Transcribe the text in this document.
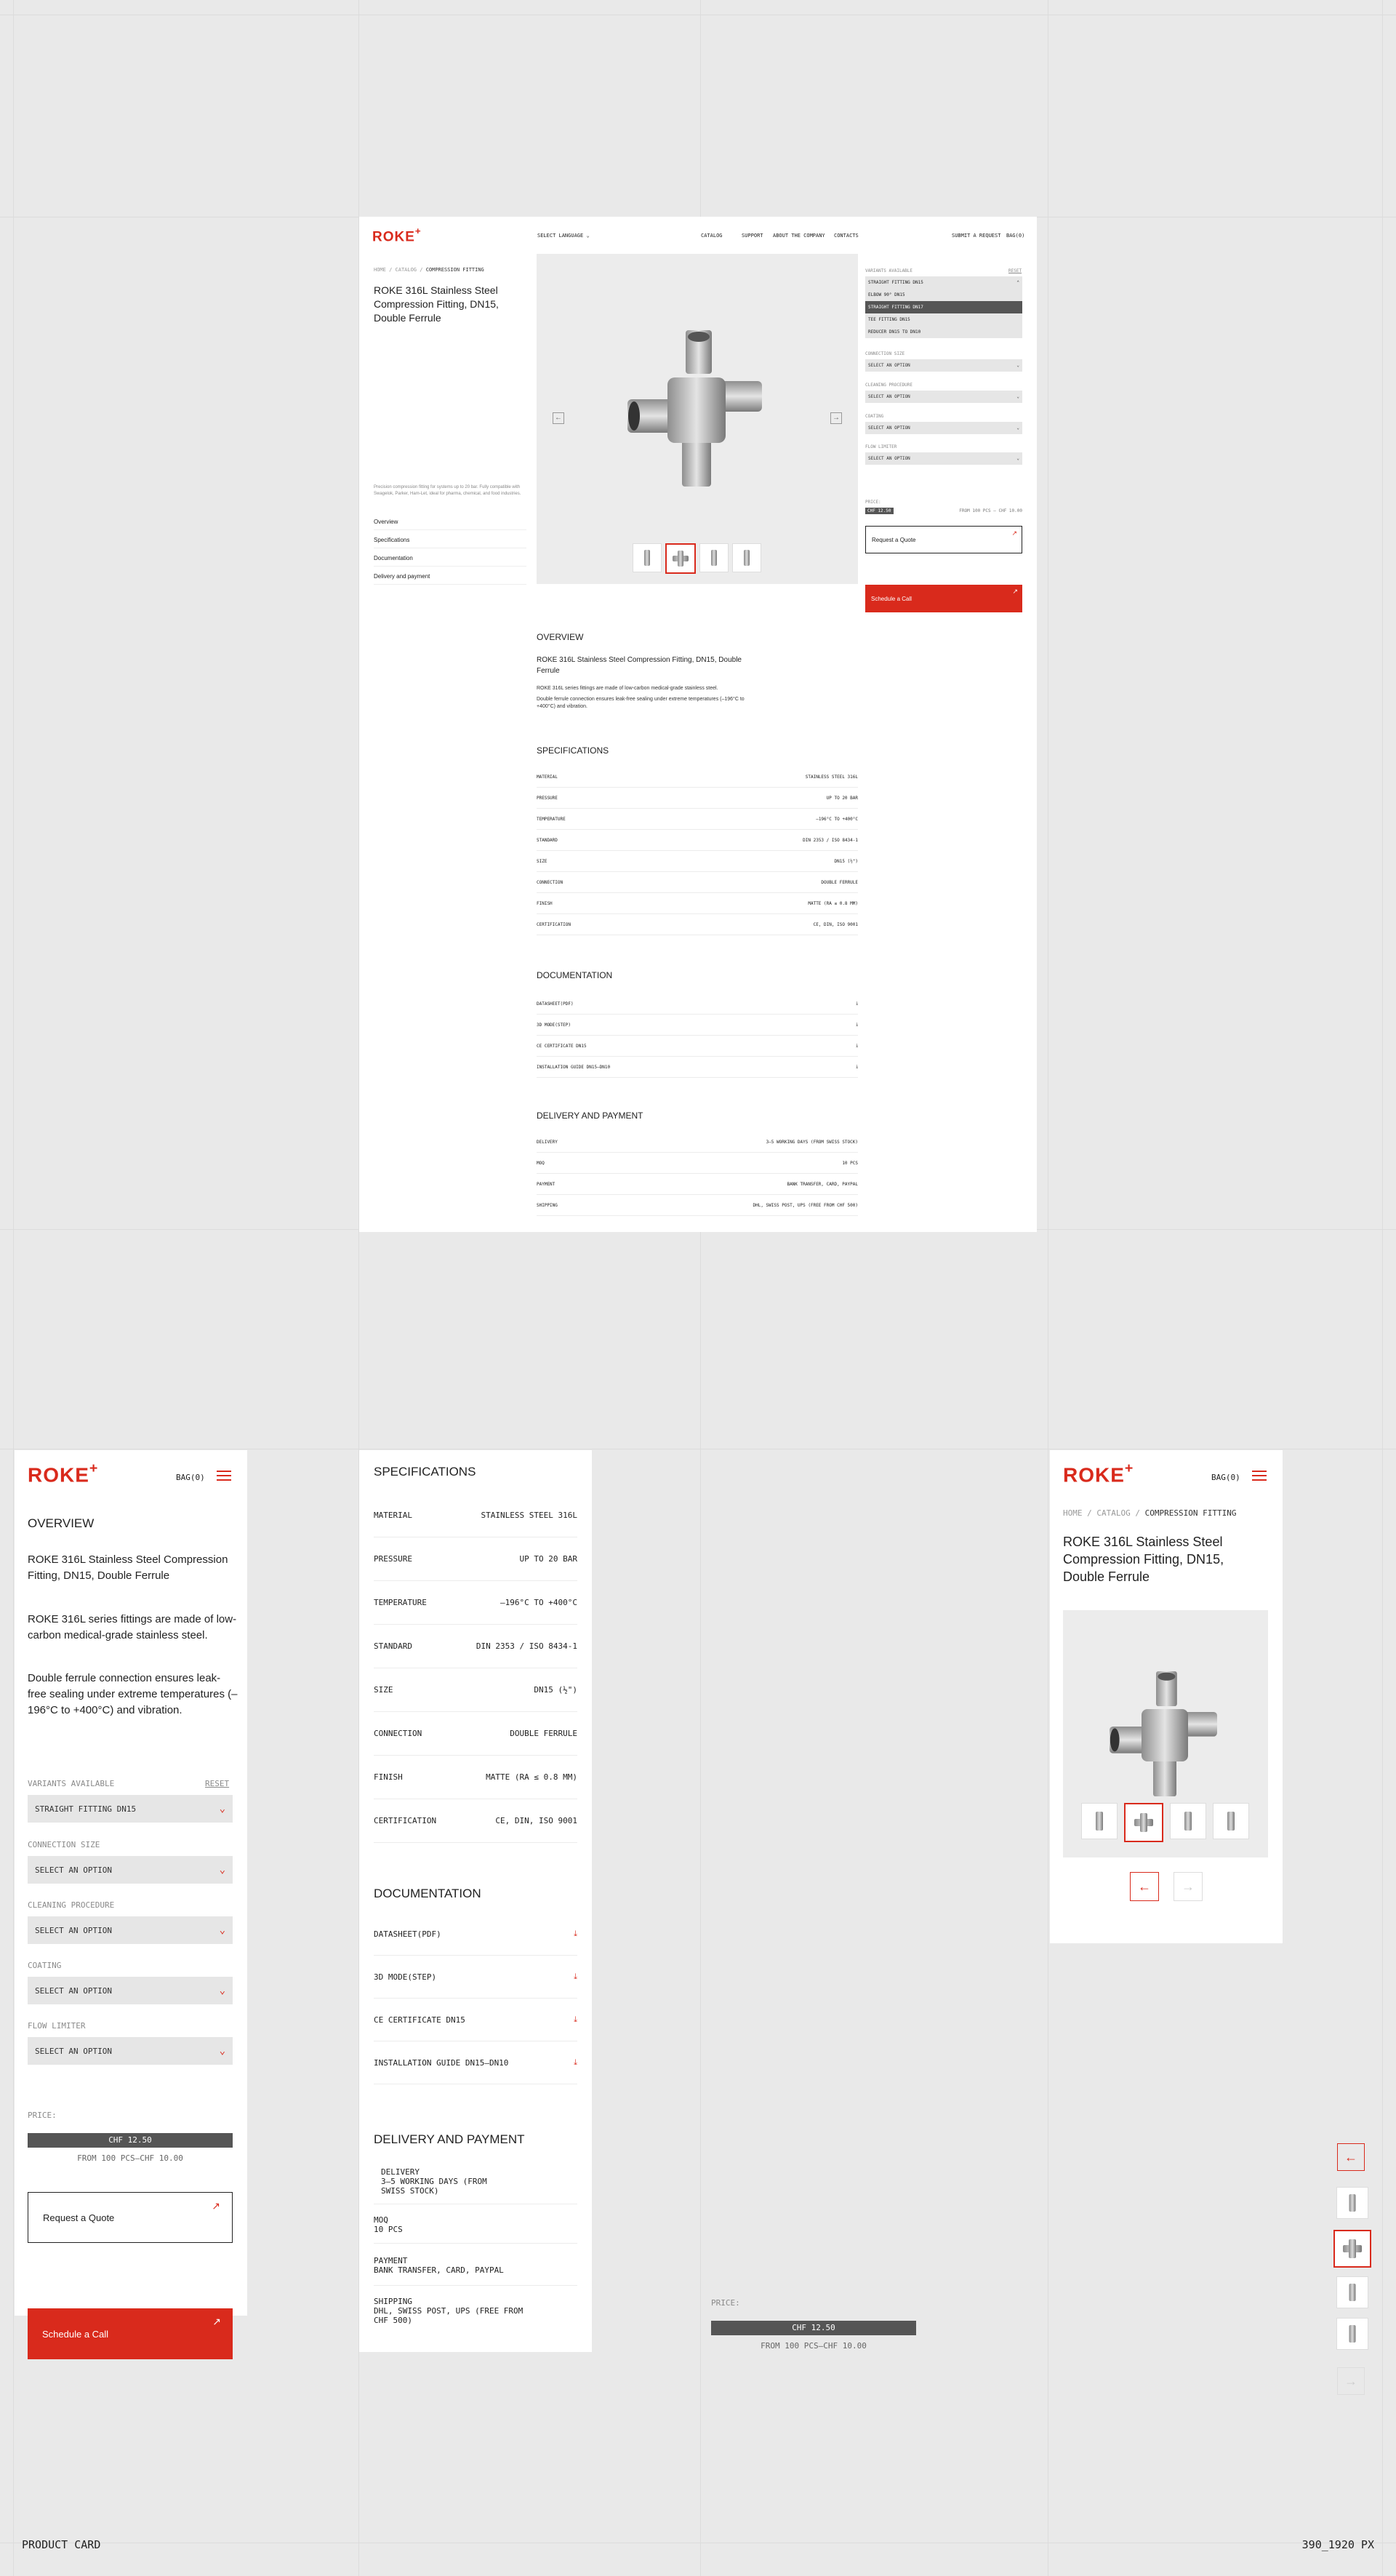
ROKE+	SELECT LANGUAGE ⌄	CATALOG	SUPPORT ABOUT THE COMPANY CONTACTS	SUBMIT A REQUEST BAG(0)
HOME / CATALOG / COMPRESSION FITTING
ROKE 316L Stainless Steel Compression Fitting, DN15, Double Ferrule
Precision compression fitting for systems up to 20 bar. Fully compatible with Swagelok, Parker, Ham-Let, ideal for pharma, chemical, and food industries.
Overview
Specifications
Documentation
Delivery and payment
←	→
VARIANTS AVAILABLE	RESET
STRAIGHT FITTING DN15	⌃
ELBOW 90° DN15
STRAIGHT FITTING DN17
TEE FITTING DN15
REDUCER DN15 TO DN10
CONNECTION SIZE
SELECT AN OPTION	⌄
CLEANING PROCEDURE
SELECT AN OPTION	⌄
COATING
SELECT AN OPTION	⌄
FLOW LIMITER
SELECT AN OPTION	⌄
PRICE:
CHF 12.50	FROM 100 PCS — CHF 10.00
Request a Quote
↗
Schedule a Call
↗
OVERVIEW
ROKE 316L Stainless Steel Compression Fitting, DN15, Double Ferrule
ROKE 316L series fittings are made of low-carbon medical-grade stainless steel.
Double ferrule connection ensures leak-free sealing under extreme temperatures (–196°C to +400°C) and vibration.
SPECIFICATIONS
MATERIAL	STAINLESS STEEL 316L
PRESSURE	UP TO 20 BAR
TEMPERATURE	–196°C TO +400°C
STANDARD	DIN 2353 / ISO 8434-1
SIZE	DN15 (½")
CONNECTION	DOUBLE FERRULE
FINISH	MATTE (RA ≤ 0.8 MM)
CERTIFICATION	CE, DIN, ISO 9001
DOCUMENTATION
DATASHEET(PDF)	⤓
3D MODE(STEP)	⤓
CE CERTIFICATE DN15	⤓
INSTALLATION GUIDE DN15–DN10	⤓
DELIVERY AND PAYMENT
DELIVERY	3–5 WORKING DAYS (FROM SWISS STOCK)
MOQ	10 PCS
PAYMENT	BANK TRANSFER, CARD, PAYPAL
SHIPPING	DHL, SWISS POST, UPS (FREE FROM CHF 500)
ROKE+
BAG(0)
OVERVIEW
ROKE 316L Stainless Steel Compression Fitting, DN15, Double Ferrule
ROKE 316L series fittings are made of low-carbon medical-grade stainless steel.
Double ferrule connection ensures leak-free sealing under extreme temperatures (–196°C to +400°C) and vibration.
VARIANTS AVAILABLE	RESET
STRAIGHT FITTING DN15	⌄
CONNECTION SIZE
SELECT AN OPTION	⌄
CLEANING PROCEDURE
SELECT AN OPTION	⌄
COATING
SELECT AN OPTION	⌄
FLOW LIMITER
SELECT AN OPTION	⌄
PRICE:
CHF 12.50
FROM 100 PCS–CHF 10.00
Request a Quote
↗
Schedule a Call
↗
SPECIFICATIONS
MATERIAL	STAINLESS STEEL 316L
PRESSURE	UP TO 20 BAR
TEMPERATURE	–196°C TO +400°C
STANDARD	DIN 2353 / ISO 8434-1
SIZE	DN15 (½")
CONNECTION	DOUBLE FERRULE
FINISH	MATTE (RA ≤ 0.8 MM)
CERTIFICATION	CE, DIN, ISO 9001
DOCUMENTATION
DATASHEET(PDF)	⤓
3D MODE(STEP)	⤓
CE CERTIFICATE DN15	⤓
INSTALLATION GUIDE DN15–DN10	⤓
DELIVERY AND PAYMENT
DELIVERY
3–5 WORKING DAYS (FROM
SWISS STOCK)
MOQ
10 PCS
PAYMENT
BANK TRANSFER, CARD, PAYPAL
SHIPPING
DHL, SWISS POST, UPS (FREE FROM
CHF 500)
PRICE:
CHF 12.50
FROM 100 PCS–CHF 10.00
ROKE+
BAG(0)
HOME / CATALOG / COMPRESSION FITTING
ROKE 316L Stainless Steel Compression Fitting, DN15, Double Ferrule
←	→
←
→
PRODUCT CARD	390_1920 PX
